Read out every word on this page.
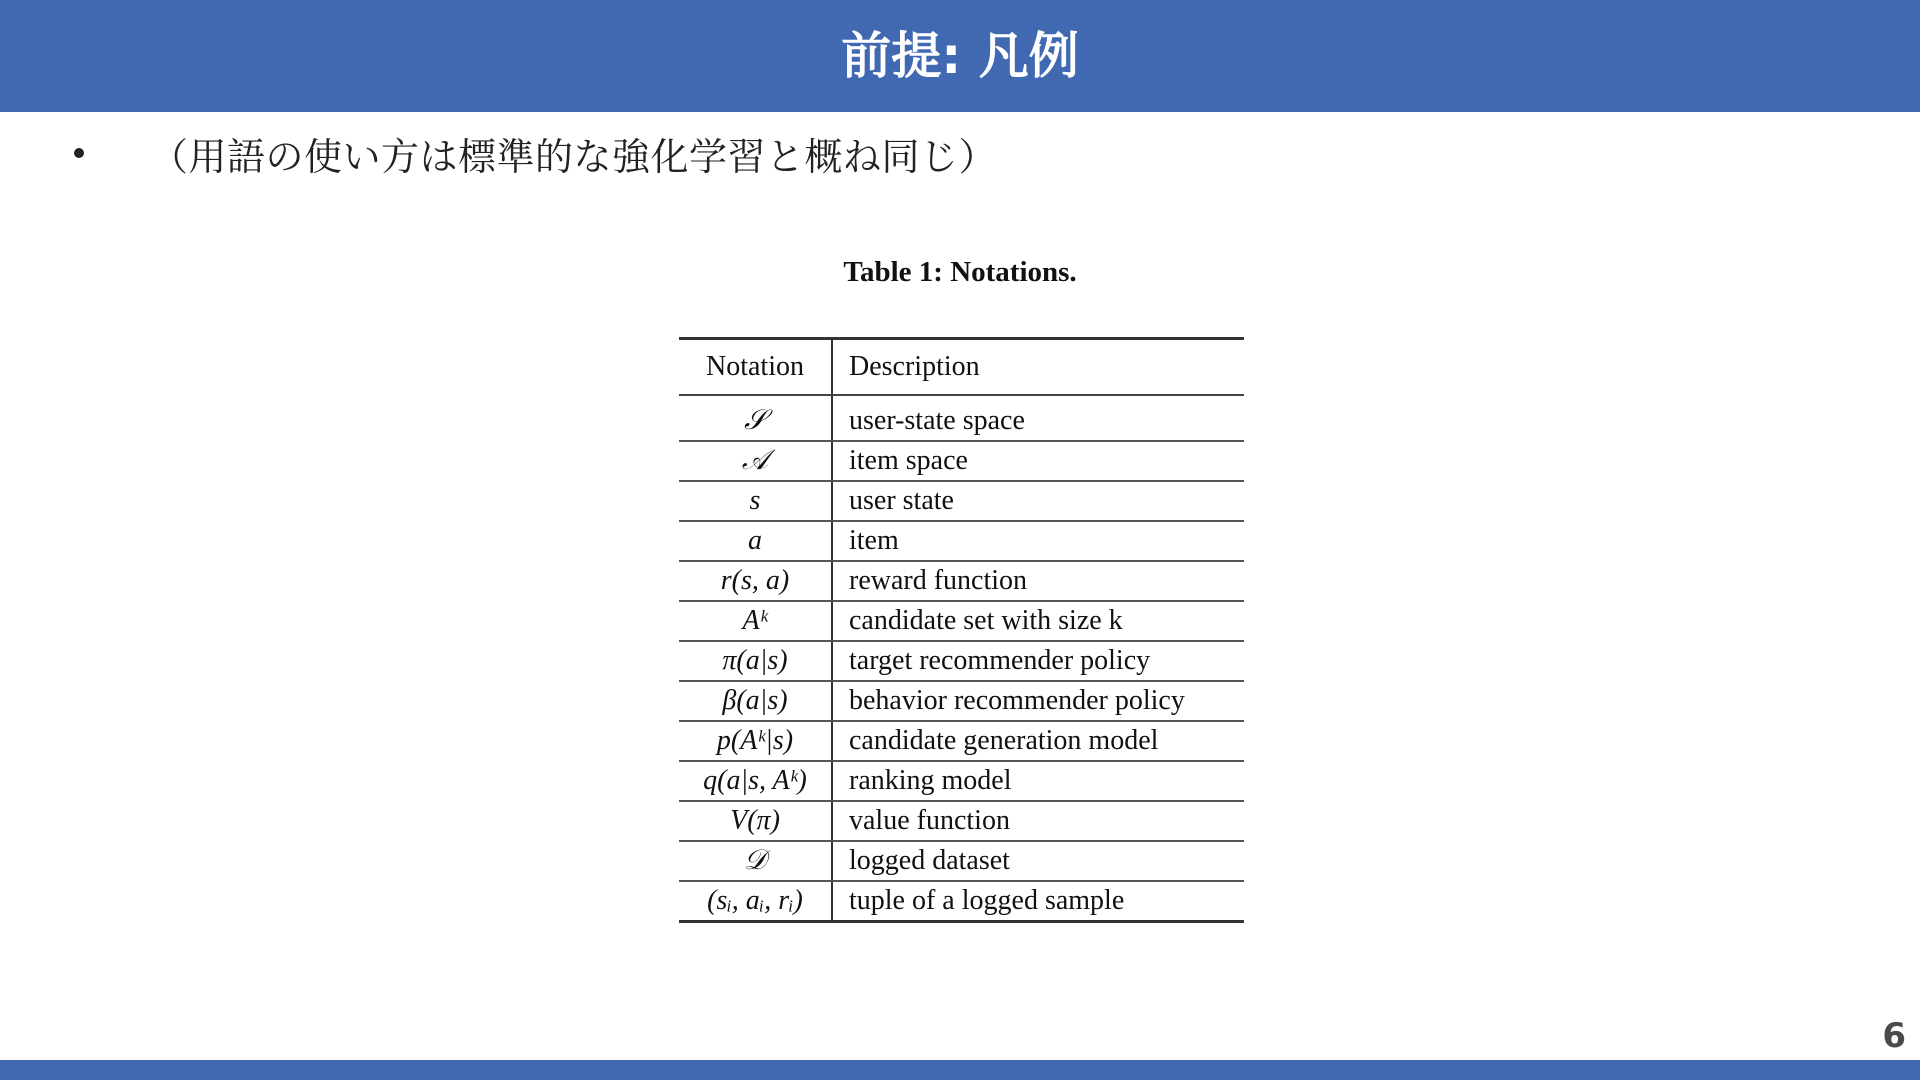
前提: 凡例
（用語の使い方は標準的な強化学習と概ね同じ）
Table 1: Notations.
Notation	Description

𝒮	user-state space
𝒜	item space
s	user state
a	item
r(s, a)	reward function
Aᵏ	candidate set with size k
π(a|s)	target recommender policy
β(a|s)	behavior recommender policy
p(Aᵏ|s)	candidate generation model
q(a|s, Aᵏ)	ranking model
V(π)	value function
𝒟	logged dataset
(sᵢ, aᵢ, rᵢ)	tuple of a logged sample
6
